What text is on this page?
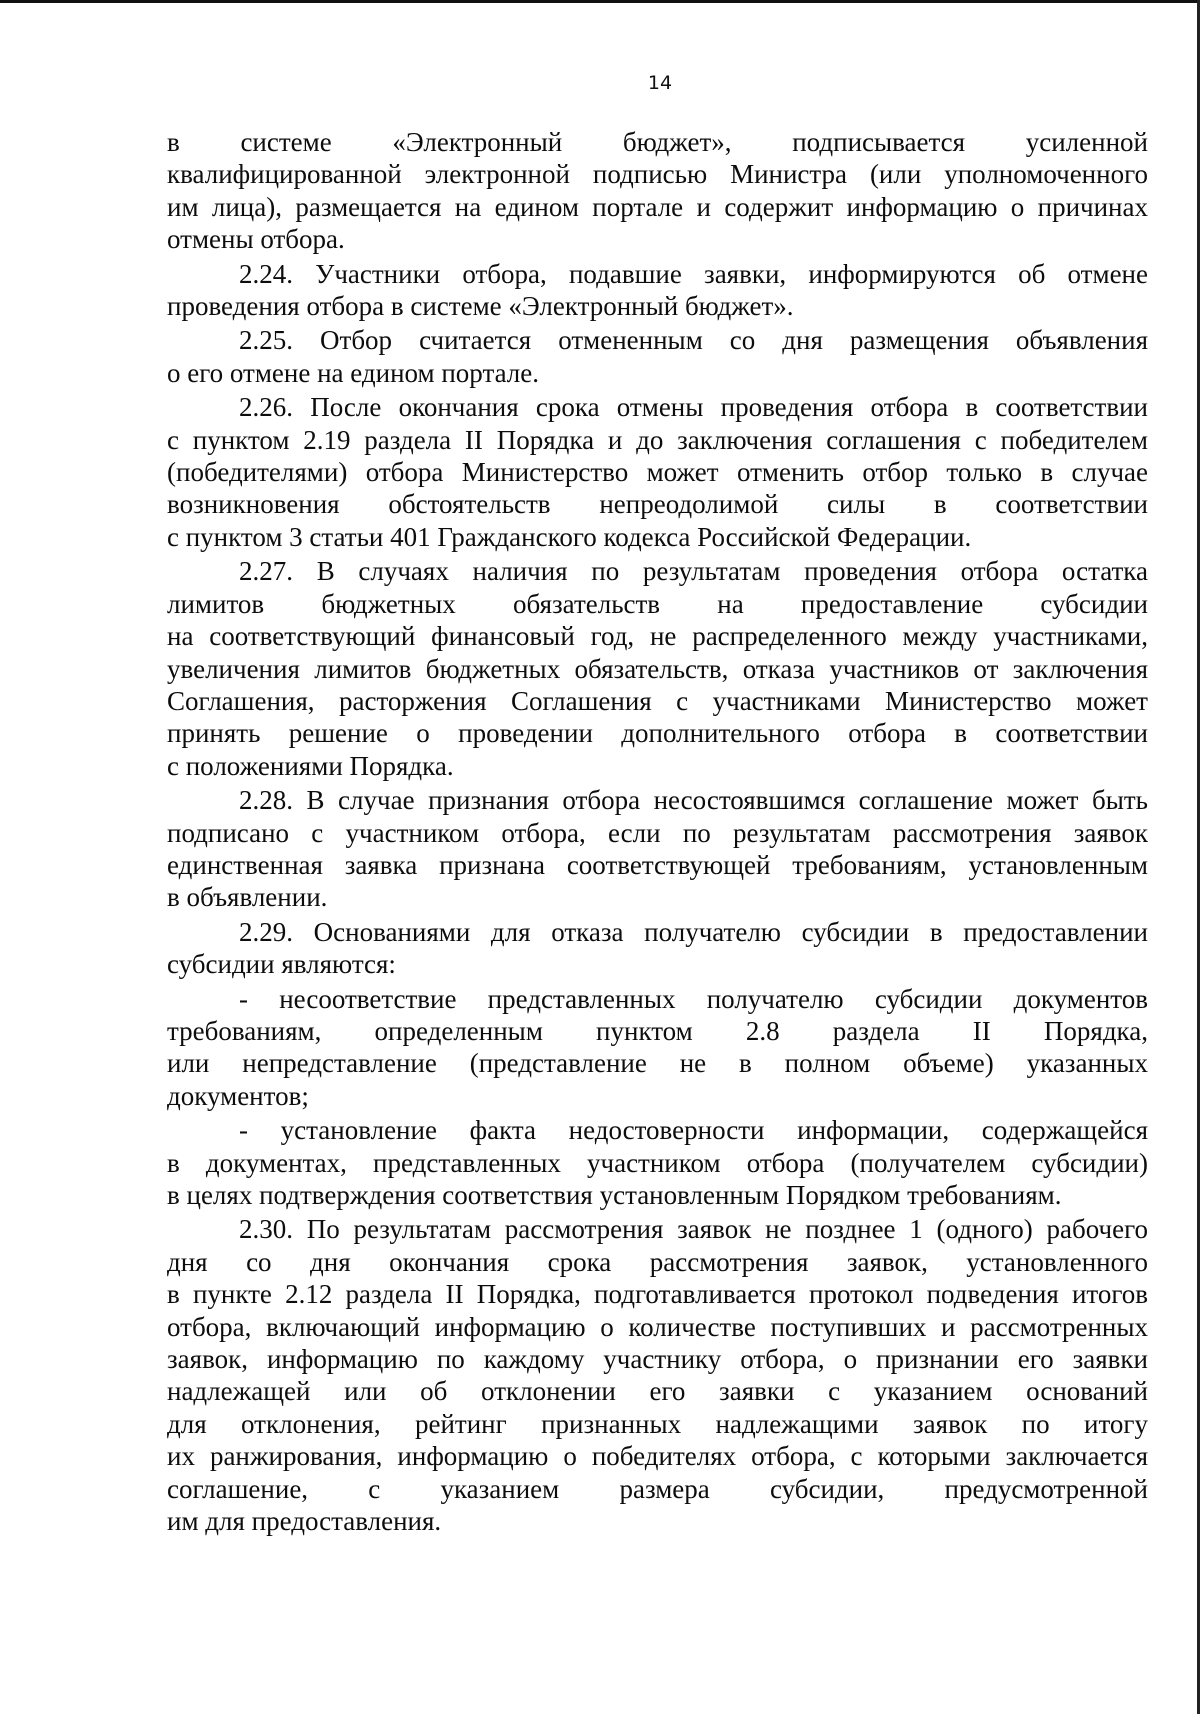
14
в системе «Электронный бюджет», подписывается усиленной
квалифицированной электронной подписью Министра (или уполномоченного
им лица), размещается на едином портале и содержит информацию о причинах
отмены отбора.
2.24. Участники отбора, подавшие заявки, информируются об отмене
проведения отбора в системе «Электронный бюджет».
2.25. Отбор считается отмененным со дня размещения объявления
о его отмене на едином портале.
2.26. После окончания срока отмены проведения отбора в соответствии
с пунктом 2.19 раздела II Порядка и до заключения соглашения с победителем
(победителями) отбора Министерство может отменить отбор только в случае
возникновения обстоятельств непреодолимой силы в соответствии
с пунктом 3 статьи 401 Гражданского кодекса Российской Федерации.
2.27. В случаях наличия по результатам проведения отбора остатка
лимитов бюджетных обязательств на предоставление субсидии
на соответствующий финансовый год, не распределенного между участниками,
увеличения лимитов бюджетных обязательств, отказа участников от заключения
Соглашения, расторжения Соглашения с участниками Министерство может
принять решение о проведении дополнительного отбора в соответствии
с положениями Порядка.
2.28. В случае признания отбора несостоявшимся соглашение может быть
подписано с участником отбора, если по результатам рассмотрения заявок
единственная заявка признана соответствующей требованиям, установленным
в объявлении.
2.29. Основаниями для отказа получателю субсидии в предоставлении
субсидии являются:
- несоответствие представленных получателю субсидии документов
требованиям, определенным пунктом 2.8 раздела II Порядка,
или непредставление (представление не в полном объеме) указанных
документов;
- установление факта недостоверности информации, содержащейся
в документах, представленных участником отбора (получателем субсидии)
в целях подтверждения соответствия установленным Порядком требованиям.
2.30. По результатам рассмотрения заявок не позднее 1 (одного) рабочего
дня со дня окончания срока рассмотрения заявок, установленного
в пункте 2.12 раздела II Порядка, подготавливается протокол подведения итогов
отбора, включающий информацию о количестве поступивших и рассмотренных
заявок, информацию по каждому участнику отбора, о признании его заявки
надлежащей или об отклонении его заявки с указанием оснований
для отклонения, рейтинг признанных надлежащими заявок по итогу
их ранжирования, информацию о победителях отбора, с которыми заключается
соглашение, с указанием размера субсидии, предусмотренной
им для предоставления.
